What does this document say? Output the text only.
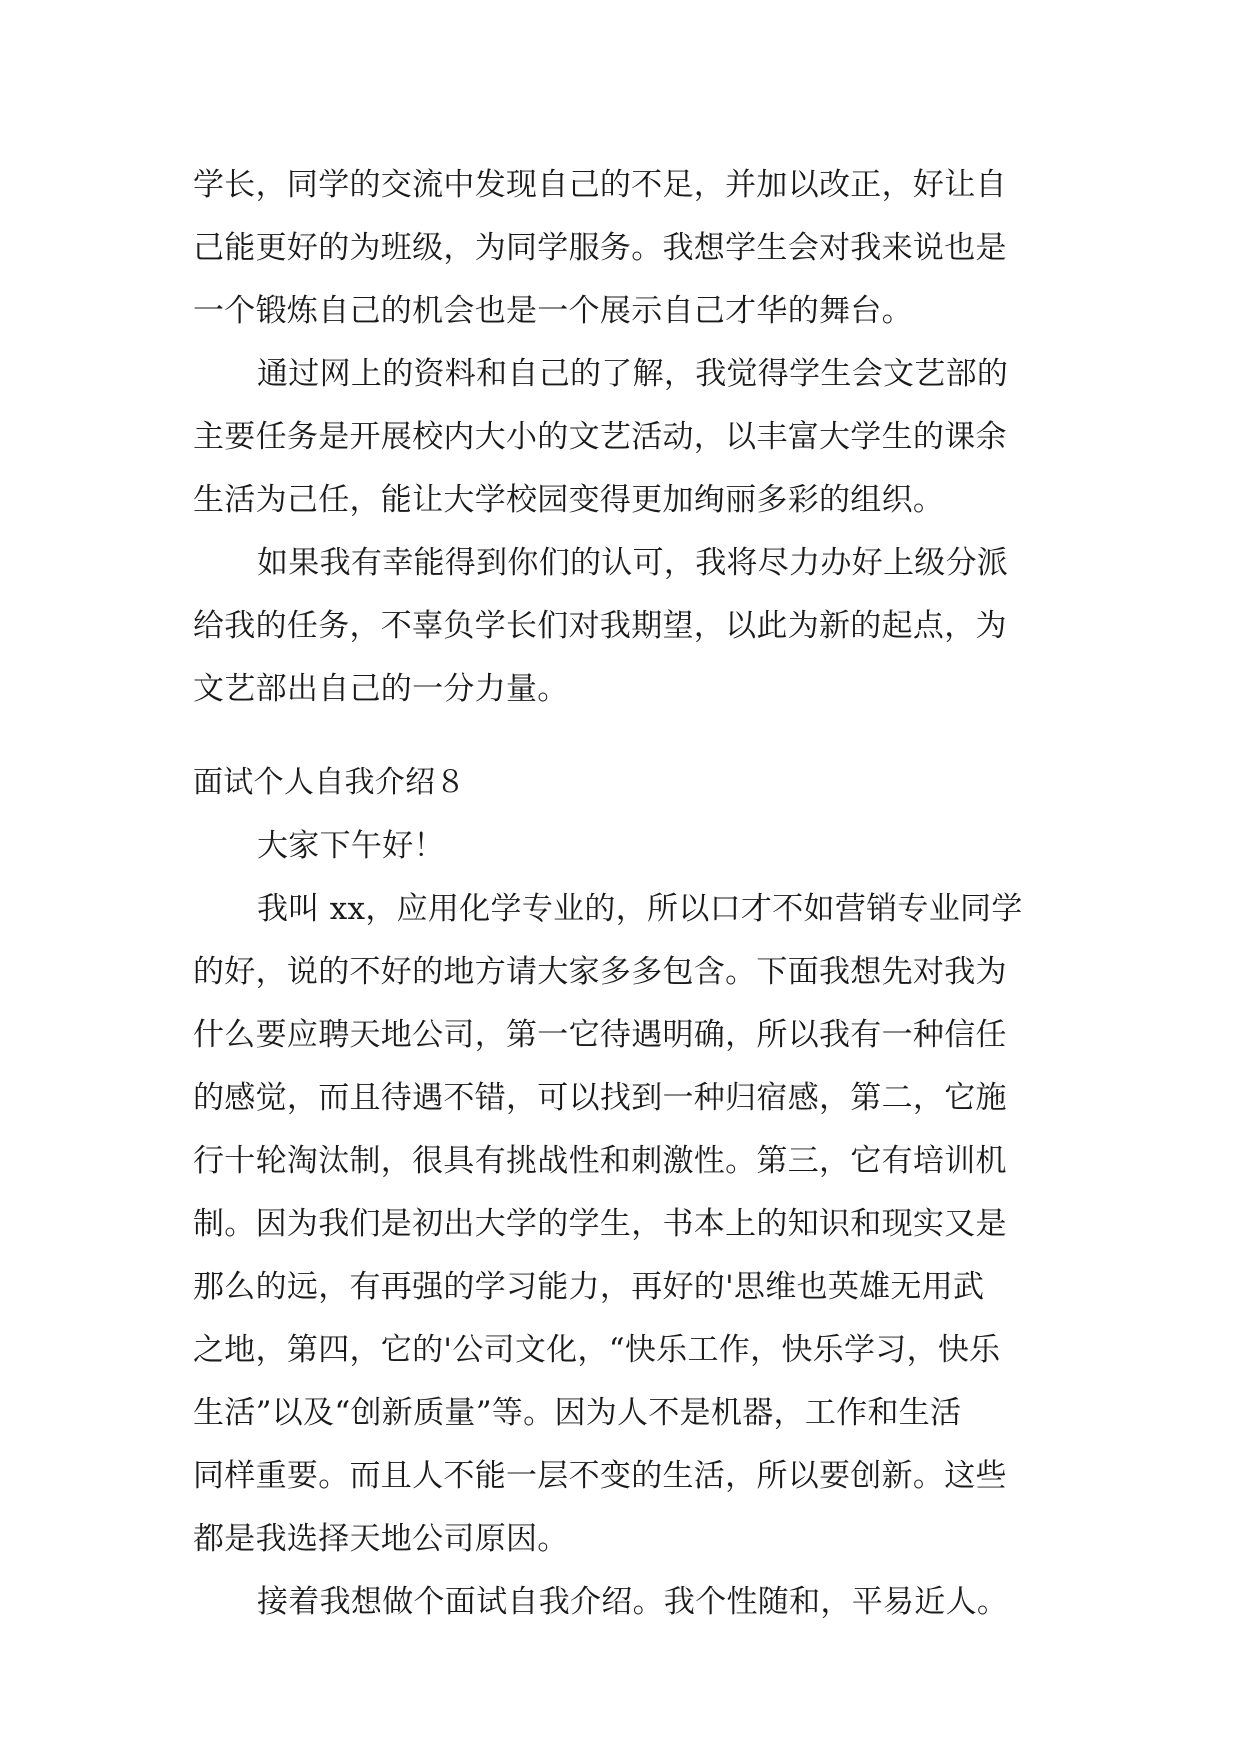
学长，同学的交流中发现自己的不足，并加以改正，好让自
己能更好的为班级，为同学服务。我想学生会对我来说也是
一个锻炼自己的机会也是一个展示自己才华的舞台。
通过网上的资料和自己的了解，我觉得学生会文艺部的
主要任务是开展校内大小的文艺活动，以丰富大学生的课余
生活为己任，能让大学校园变得更加绚丽多彩的组织。
如果我有幸能得到你们的认可，我将尽力办好上级分派
给我的任务，不辜负学长们对我期望，以此为新的起点，为
文艺部出自己的一分力量。
面试个人自我介绍８
大家下午好！
我叫 xx，应用化学专业的，所以口才不如营销专业同学
的好，说的不好的地方请大家多多包含。下面我想先对我为
什么要应聘天地公司，第一它待遇明确，所以我有一种信任
的感觉，而且待遇不错，可以找到一种归宿感，第二，它施
行十轮淘汰制，很具有挑战性和刺激性。第三，它有培训机
制。因为我们是初出大学的学生，书本上的知识和现实又是
那么的远，有再强的学习能力，再好的'思维也英雄无用武
之地，第四，它的'公司文化，“快乐工作，快乐学习，快乐
生活”以及“创新质量”等。因为人不是机器，工作和生活
同样重要。而且人不能一层不变的生活，所以要创新。这些
都是我选择天地公司原因。
接着我想做个面试自我介绍。我个性随和，平易近人。
